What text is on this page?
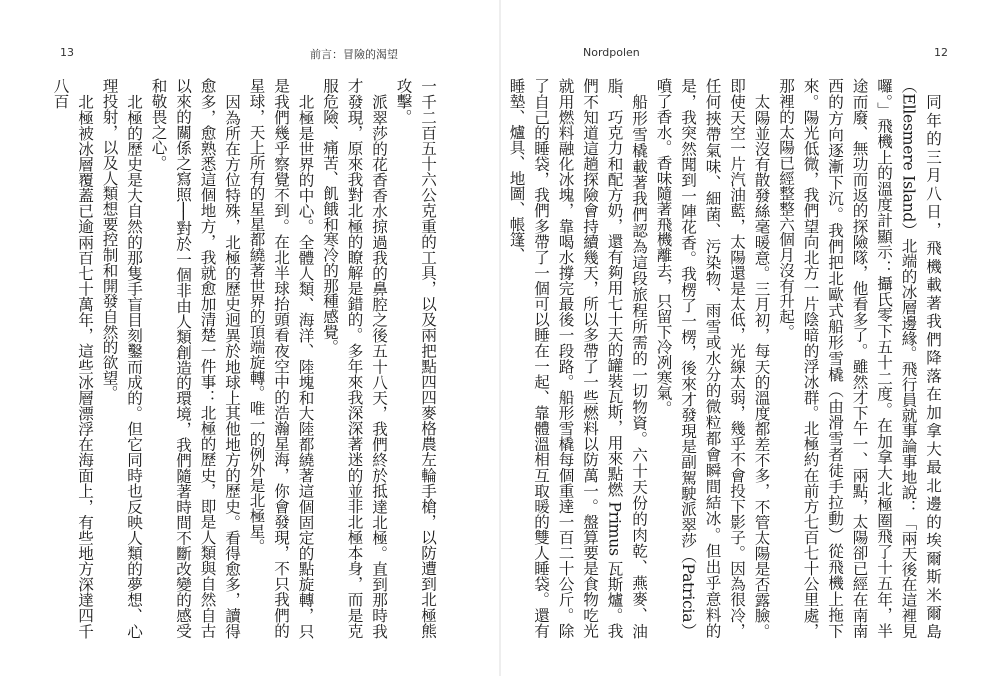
13	前言：冒險的渴望

一千二百五十六公克重的工具，以及兩把點四四麥格農左輪手槍，以防遭到北極熊攻擊。

派翠莎的花香香水掠過我的鼻腔之後五十八天，我們終於抵達北極。直到那時我才發現，原來我對北極的瞭解是錯的。多年來我深深著迷的並非北極本身，而是克服危險、痛苦、飢餓和寒冷的那種感覺。

北極是世界的中心。全體人類、海洋、陸塊和大陸都繞著這個固定的點旋轉，只是我們幾乎察覺不到。在北半球抬頭看夜空中的浩瀚星海，你會發現，不只我們的星球，天上所有的星星都繞著世界的頂端旋轉。唯一的例外是北極星。

因為所在方位特殊，北極的歷史迥異於地球上其他地方的歷史。看得愈多，讀得愈多，愈熟悉這個地方，我就愈加清楚一件事：北極的歷史，即是人類與自然自古以來的關係之寫照──對於一個非由人類創造的環境，我們隨著時間不斷改變的感受和敬畏之心。

北極的歷史是大自然的那隻手盲目刻鑿而成的。但它同時也反映人類的夢想、心理投射，以及人類想要控制和開發自然的欲望。

北極被冰層覆蓋已逾兩百七十萬年，這些冰層漂浮在海面上，有些地方深達四千八百

Nordpolen	12

同年的三月八日，飛機載著我們降落在加拿大最北邊的埃爾斯米爾島（Ellesmere Island）北端的冰層邊緣。飛行員就事論事地說：「兩天後在這裡見囉。」飛機上的溫度計顯示：攝氏零下五十二度。在加拿大北極圈飛了十五年，半途而廢、無功而返的探險隊，他看多了。雖然才下午一、兩點，太陽卻已經在南南西的方向逐漸下沉。我們把北歐式船形雪橇（由滑雪者徒手拉動）從飛機上拖下來。陽光低微，我們望向北方一片陰暗的浮冰群。北極約在前方七百七十公里處，那裡的太陽已經整整六個月沒有升起。

太陽並沒有散發絲毫暖意。三月初，每天的溫度都差不多，不管太陽是否露臉。即使天空一片汽油藍，太陽還是太低，光線太弱，幾乎不會投下影子。因為很冷，任何挾帶氣味、細菌、污染物、雨雪或水分的微粒都會瞬間結冰。但出乎意料的是，我突然聞到一陣花香。我楞了一楞，後來才發現是副駕駛派翠莎（Patricia）噴了香水。香味隨著飛機離去，只留下冷冽寒氣。

船形雪橇載著我們認為這段旅程所需的一切物資。六十天份的肉乾、燕麥、油脂、巧克力和配方奶，還有夠用七十天的罐裝瓦斯，用來點燃 Primus 瓦斯爐。我們不知道這趟探險會持續幾天，所以多帶了一些燃料以防萬一。盤算要是食物吃光就用燃料融化冰塊，靠喝水撐完最後一段路。船形雪橇每個重達一百二十公斤。除了自己的睡袋，我們多帶了一個可以睡在一起、靠體溫相互取暖的雙人睡袋。還有睡墊、爐具、地圖、帳篷、
